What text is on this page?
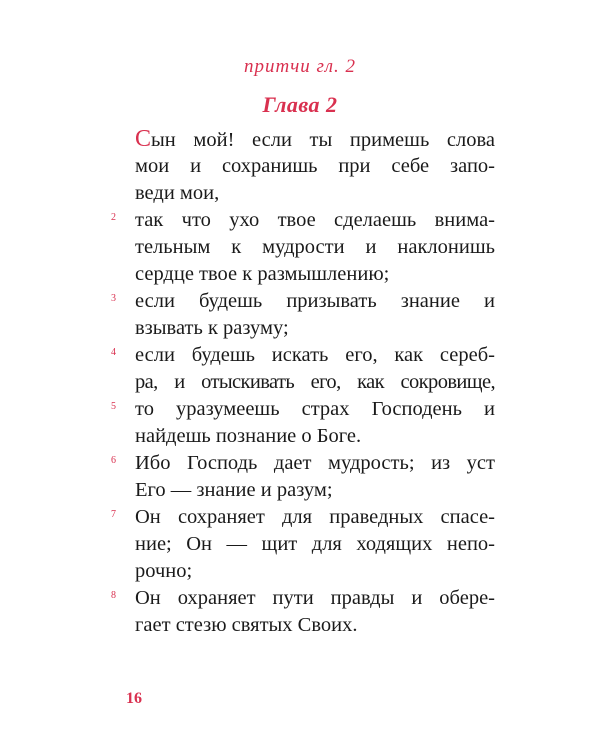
притчи гл. 2
Глава 2
Сын мой! если ты примешь слова
мои и сохранишь при себе запо-
веди мои,
2 так что ухо твое сделаешь внима-
тельным к мудрости и наклонишь
сердце твое к размышлению;
3 если будешь призывать знание и
взывать к разуму;
4 если будешь искать его, как сереб-
ра, и отыскивать его, как сокровище,
5 то уразумеешь страх Господень и
найдешь познание о Боге.
6 Ибо Господь дает мудрость; из уст
Его — знание и разум;
7 Он сохраняет для праведных спасе-
ние; Он — щит для ходящих непо-
рочно;
8 Он охраняет пути правды и обере-
гает стезю святых Своих.
16
